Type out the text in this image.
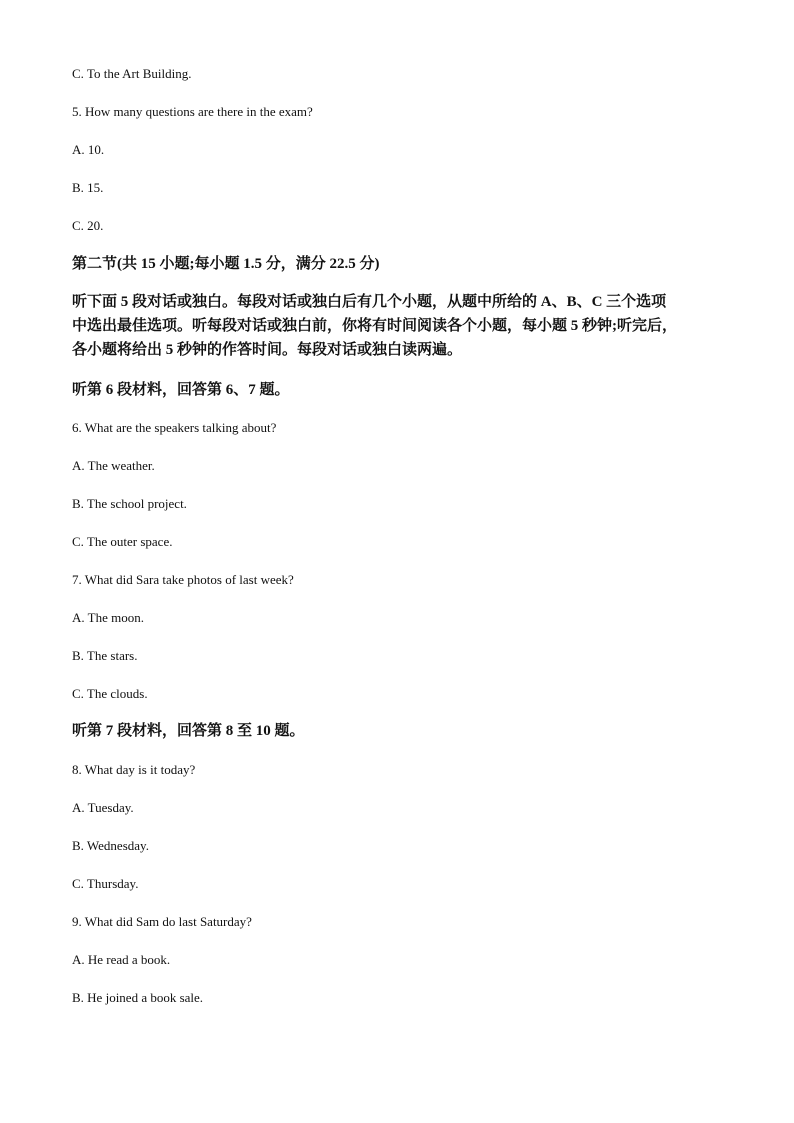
C. To the Art Building.
5. How many questions are there in the exam?
A. 10.
B. 15.
C. 20.
第二节(共 15 小题;每小题 1.5 分，满分 22.5 分)
听下面 5 段对话或独白。每段对话或独白后有几个小题，从题中所给的 A、B、C 三个选项
中选出最佳选项。听每段对话或独白前，你将有时间阅读各个小题，每小题 5 秒钟;听完后，
各小题将给出 5 秒钟的作答时间。每段对话或独白读两遍。
听第 6 段材料，回答第 6、7 题。
6. What are the speakers talking about?
A. The weather.
B. The school project.
C. The outer space.
7. What did Sara take photos of last week?
A. The moon.
B. The stars.
C. The clouds.
听第 7 段材料，回答第 8 至 10 题。
8. What day is it today?
A. Tuesday.
B. Wednesday.
C. Thursday.
9. What did Sam do last Saturday?
A. He read a book.
B. He joined a book sale.
